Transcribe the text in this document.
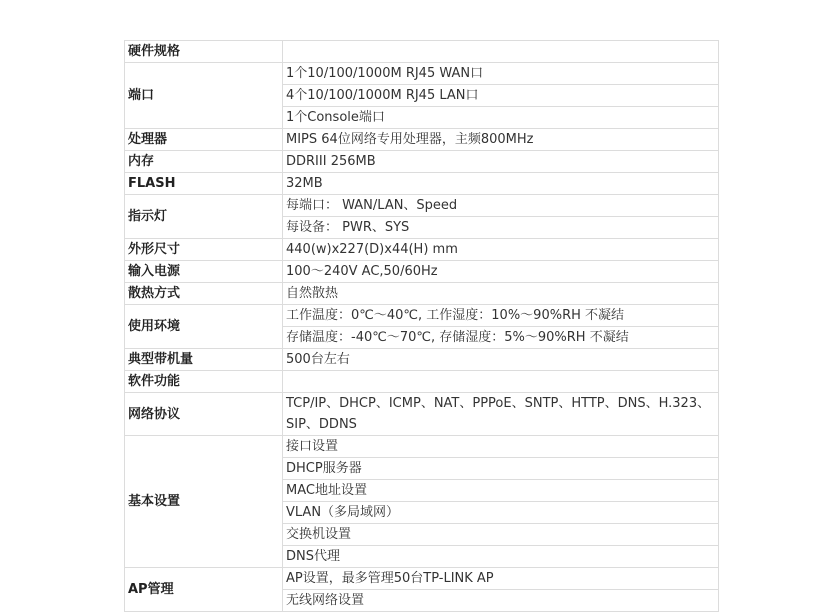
硬件规格	
端口	1个10/100/1000M RJ45 WAN口
	4个10/100/1000M RJ45 LAN口
	1个Console端口
处理器	MIPS 64位网络专用处理器，主频800MHz
内存	DDRIII 256MB
FLASH	32MB
指示灯	每端口： WAN/LAN、Speed
	每设备： PWR、SYS
外形尺寸	440(w)x227(D)x44(H) mm
输入电源	100～240V AC,50/60Hz
散热方式	自然散热
使用环境	工作温度：0℃～40℃, 工作湿度：10%～90%RH 不凝结
	存储温度：-40℃～70℃, 存储湿度：5%～90%RH 不凝结
典型带机量	500台左右
软件功能	
网络协议	TCP/IP、DHCP、ICMP、NAT、PPPoE、SNTP、HTTP、DNS、H.323、
SIP、DDNS

基本设置	接口设置
	DHCP服务器
	MAC地址设置
	VLAN（多局域网）
	交换机设置
	DNS代理
AP管理	AP设置，最多管理50台TP-LINK AP
	无线网络设置
